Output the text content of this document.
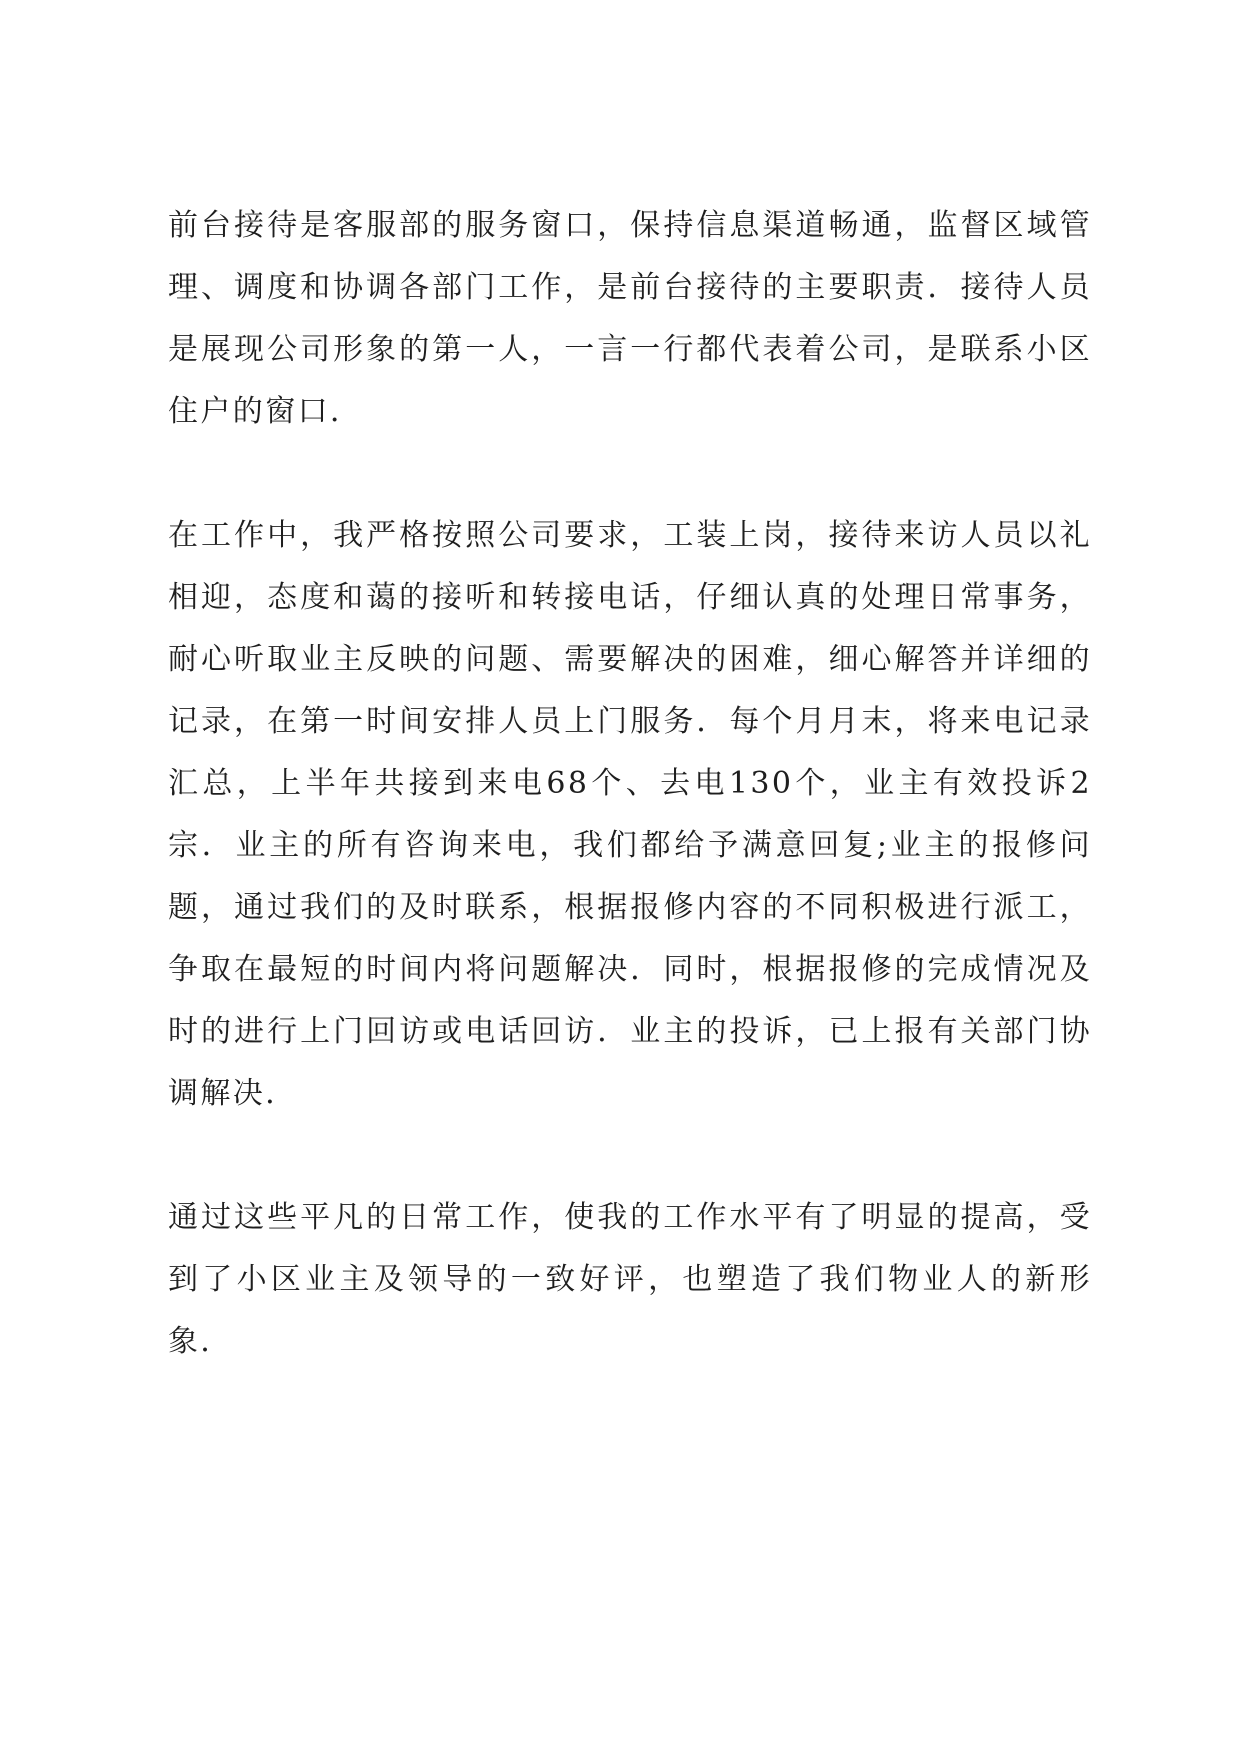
前台接待是客服部的服务窗口，保持信息渠道畅通，监督区域管理、调度和协调各部门工作，是前台接待的主要职责．接待人员是展现公司形象的第一人，一言一行都代表着公司，是联系小区住户的窗口．

在工作中，我严格按照公司要求，工装上岗，接待来访人员以礼相迎，态度和蔼的接听和转接电话，仔细认真的处理日常事务，耐心听取业主反映的问题、需要解决的困难，细心解答并详细的记录，在第一时间安排人员上门服务．每个月月末，将来电记录汇总，上半年共接到来电68个、去电130个，业主有效投诉2宗．业主的所有咨询来电，我们都给予满意回复;业主的报修问题，通过我们的及时联系，根据报修内容的不同积极进行派工，争取在最短的时间内将问题解决．同时，根据报修的完成情况及时的进行上门回访或电话回访．业主的投诉，已上报有关部门协调解决．

通过这些平凡的日常工作，使我的工作水平有了明显的提高，受到了小区业主及领导的一致好评，也塑造了我们物业人的新形象．
